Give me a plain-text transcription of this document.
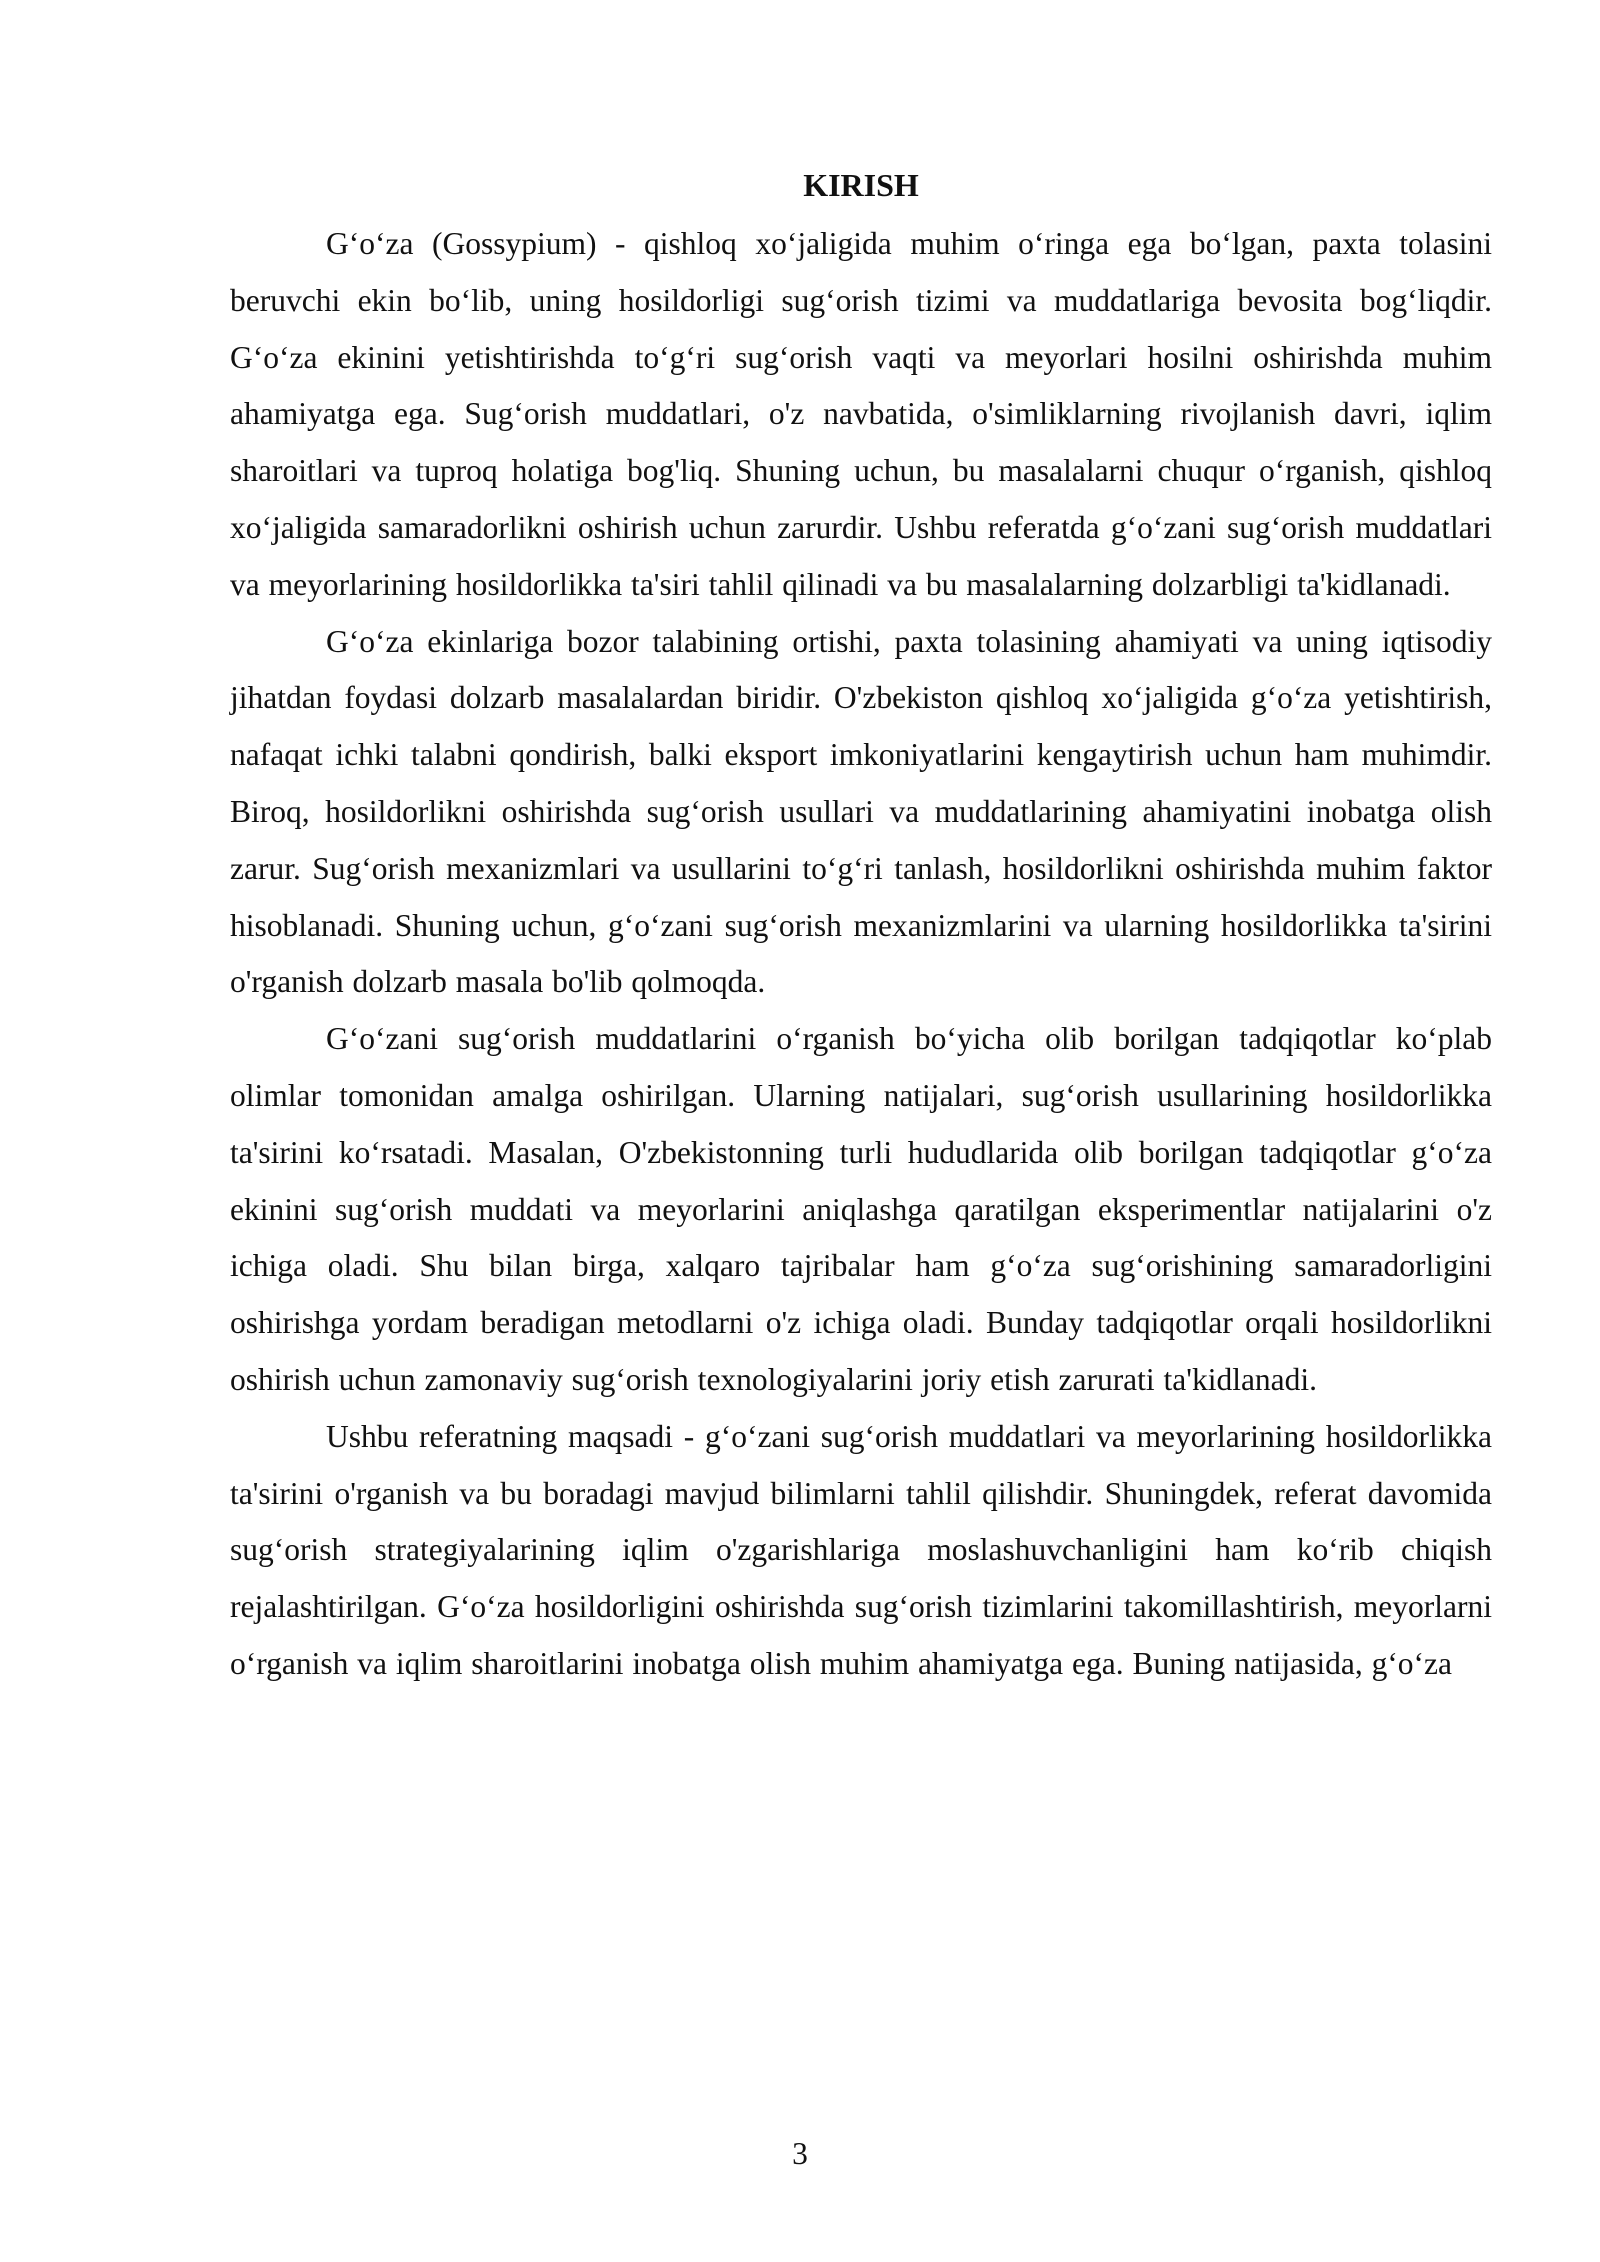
KIRISH

G‘o‘za (Gossypium) - qishloq xo‘jaligida muhim o‘ringa ega bo‘lgan, paxta tolasini beruvchi ekin bo‘lib, uning hosildorligi sug‘orish tizimi va muddatlariga bevosita bog‘liqdir. G‘o‘za ekinini yetishtirishda to‘g‘ri sug‘orish vaqti va meyorlari hosilni oshirishda muhim ahamiyatga ega. Sug‘orish muddatlari, o'z navbatida, o'simliklarning rivojlanish davri, iqlim sharoitlari va tuproq holatiga bog'liq. Shuning uchun, bu masalalarni chuqur o‘rganish, qishloq xo‘jaligida samaradorlikni oshirish uchun zarurdir. Ushbu referatda g‘o‘zani sug‘orish muddatlari va meyorlarining hosildorlikka ta'siri tahlil qilinadi va bu masalalarning dolzarbligi ta'kidlanadi.

G‘o‘za ekinlariga bozor talabining ortishi, paxta tolasining ahamiyati va uning iqtisodiy jihatdan foydasi dolzarb masalalardan biridir. O'zbekiston qishloq xo‘jaligida g‘o‘za yetishtirish, nafaqat ichki talabni qondirish, balki eksport imkoniyatlarini kengaytirish uchun ham muhimdir. Biroq, hosildorlikni oshirishda sug‘orish usullari va muddatlarining ahamiyatini inobatga olish zarur. Sug‘orish mexanizmlari va usullarini to‘g‘ri tanlash, hosildorlikni oshirishda muhim faktor hisoblanadi. Shuning uchun, g‘o‘zani sug‘orish mexanizmlarini va ularning hosildorlikka ta'sirini o'rganish dolzarb masala bo'lib qolmoqda.

G‘o‘zani sug‘orish muddatlarini o‘rganish bo‘yicha olib borilgan tadqiqotlar ko‘plab olimlar tomonidan amalga oshirilgan. Ularning natijalari, sug‘orish usullarining hosildorlikka ta'sirini ko‘rsatadi. Masalan, O'zbekistonning turli hududlarida olib borilgan tadqiqotlar g‘o‘za ekinini sug‘orish muddati va meyorlarini aniqlashga qaratilgan eksperimentlar natijalarini o'z ichiga oladi. Shu bilan birga, xalqaro tajribalar ham g‘o‘za sug‘orishining samaradorligini oshirishga yordam beradigan metodlarni o'z ichiga oladi. Bunday tadqiqotlar orqali hosildorlikni oshirish uchun zamonaviy sug‘orish texnologiyalarini joriy etish zarurati ta'kidlanadi.

Ushbu referatning maqsadi - g‘o‘zani sug‘orish muddatlari va meyorlarining hosildorlikka ta'sirini o'rganish va bu boradagi mavjud bilimlarni tahlil qilishdir. Shuningdek, referat davomida sug‘orish strategiyalarining iqlim o'zgarishlariga moslashuvchanligini ham ko‘rib chiqish rejalashtirilgan. G‘o‘za hosildorligini oshirishda sug‘orish tizimlarini takomillashtirish, meyorlarni o‘rganish va iqlim sharoitlarini inobatga olish muhim ahamiyatga ega. Buning natijasida, g‘o‘za

3
